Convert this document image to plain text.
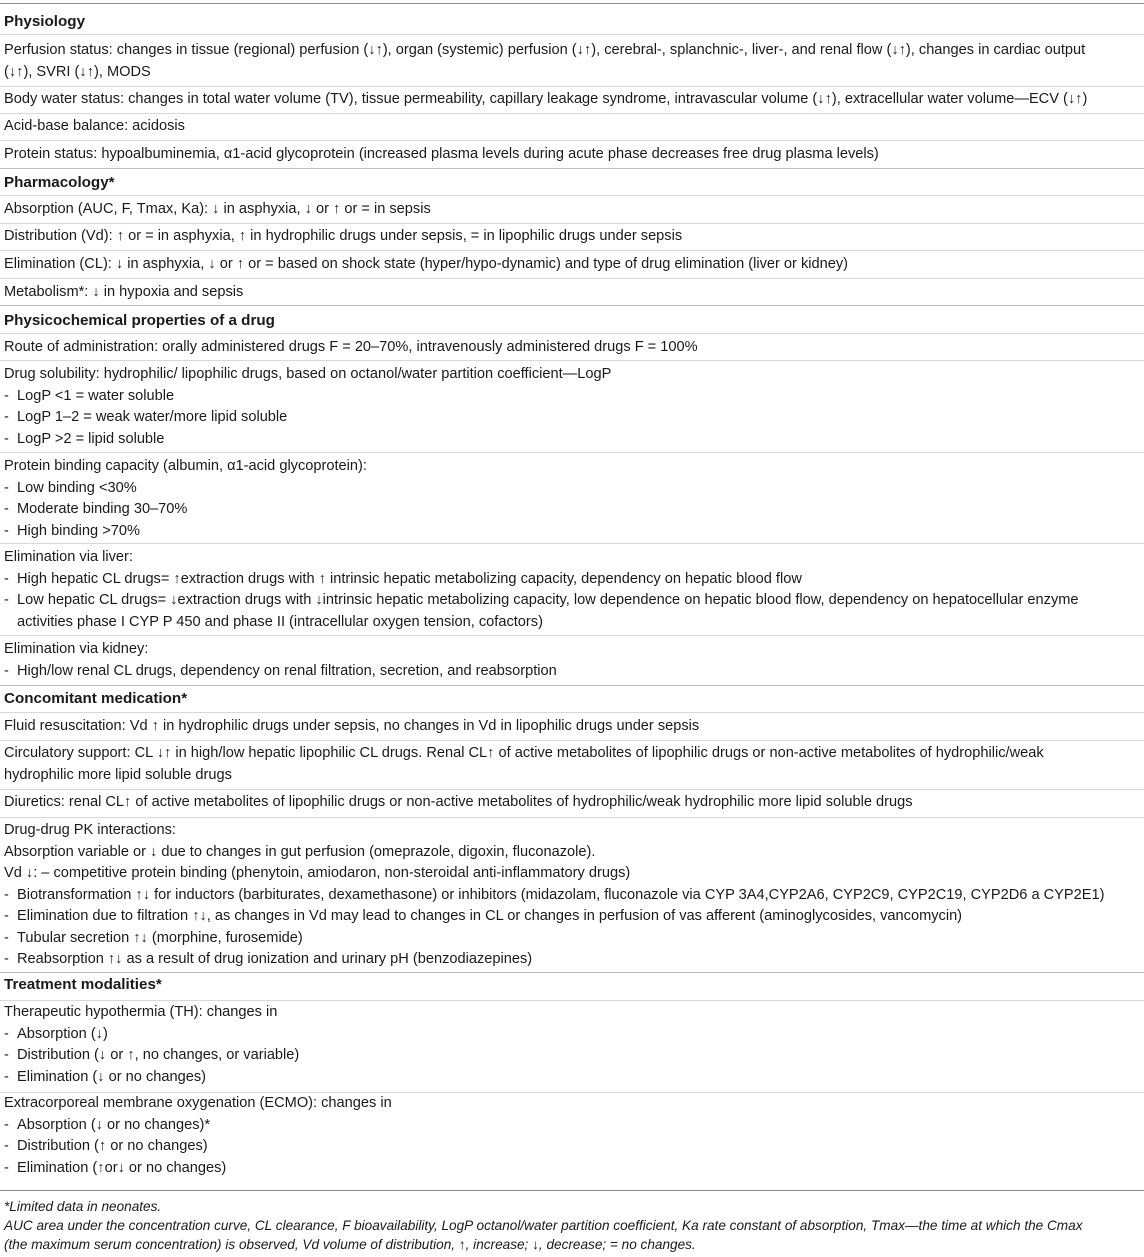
Physiology
Perfusion status: changes in tissue (regional) perfusion (↓↑), organ (systemic) perfusion (↓↑), cerebral-, splanchnic-, liver-, and renal flow (↓↑), changes in cardiac output
(↓↑), SVRI (↓↑), MODS
Body water status: changes in total water volume (TV), tissue permeability, capillary leakage syndrome, intravascular volume (↓↑), extracellular water volume—ECV (↓↑)
Acid-base balance: acidosis
Protein status: hypoalbuminemia, α1-acid glycoprotein (increased plasma levels during acute phase decreases free drug plasma levels)
Pharmacology*
Absorption (AUC, F, Tmax, Ka): ↓ in asphyxia, ↓ or ↑ or = in sepsis
Distribution (Vd): ↑ or = in asphyxia, ↑ in hydrophilic drugs under sepsis, = in lipophilic drugs under sepsis
Elimination (CL): ↓ in asphyxia, ↓ or ↑ or = based on shock state (hyper/hypo-dynamic) and type of drug elimination (liver or kidney)
Metabolism*: ↓ in hypoxia and sepsis
Physicochemical properties of a drug
Route of administration: orally administered drugs F = 20–70%, intravenously administered drugs F = 100%
Drug solubility: hydrophilic/ lipophilic drugs, based on octanol/water partition coefficient—LogP
- LogP <1 = water soluble
- LogP 1–2 = weak water/more lipid soluble
- LogP >2 = lipid soluble
Protein binding capacity (albumin, α1-acid glycoprotein):
- Low binding <30%
- Moderate binding 30–70%
- High binding >70%
Elimination via liver:
- High hepatic CL drugs= ↑extraction drugs with ↑ intrinsic hepatic metabolizing capacity, dependency on hepatic blood flow
- Low hepatic CL drugs= ↓extraction drugs with ↓intrinsic hepatic metabolizing capacity, low dependence on hepatic blood flow, dependency on hepatocellular enzyme
activities phase I CYP P 450 and phase II (intracellular oxygen tension, cofactors)
Elimination via kidney:
- High/low renal CL drugs, dependency on renal filtration, secretion, and reabsorption
Concomitant medication*
Fluid resuscitation: Vd ↑ in hydrophilic drugs under sepsis, no changes in Vd in lipophilic drugs under sepsis
Circulatory support: CL ↓↑ in high/low hepatic lipophilic CL drugs. Renal CL↑ of active metabolites of lipophilic drugs or non-active metabolites of hydrophilic/weak
hydrophilic more lipid soluble drugs
Diuretics: renal CL↑ of active metabolites of lipophilic drugs or non-active metabolites of hydrophilic/weak hydrophilic more lipid soluble drugs
Drug-drug PK interactions:
Absorption variable or ↓ due to changes in gut perfusion (omeprazole, digoxin, fluconazole).
Vd ↓: – competitive protein binding (phenytoin, amiodaron, non-steroidal anti-inflammatory drugs)
- Biotransformation ↑↓ for inductors (barbiturates, dexamethasone) or inhibitors (midazolam, fluconazole via CYP 3A4,CYP2A6, CYP2C9, CYP2C19, CYP2D6 a CYP2E1)
- Elimination due to filtration ↑↓, as changes in Vd may lead to changes in CL or changes in perfusion of vas afferent (aminoglycosides, vancomycin)
- Tubular secretion ↑↓ (morphine, furosemide)
- Reabsorption ↑↓ as a result of drug ionization and urinary pH (benzodiazepines)
Treatment modalities*
Therapeutic hypothermia (TH): changes in
- Absorption (↓)
- Distribution (↓ or ↑, no changes, or variable)
- Elimination (↓ or no changes)
Extracorporeal membrane oxygenation (ECMO): changes in
- Absorption (↓ or no changes)*
- Distribution (↑ or no changes)
- Elimination (↑or↓ or no changes)
*Limited data in neonates.
AUC area under the concentration curve, CL clearance, F bioavailability, LogP octanol/water partition coefficient, Ka rate constant of absorption, Tmax—the time at which the Cmax
(the maximum serum concentration) is observed, Vd volume of distribution, ↑, increase; ↓, decrease; = no changes.
